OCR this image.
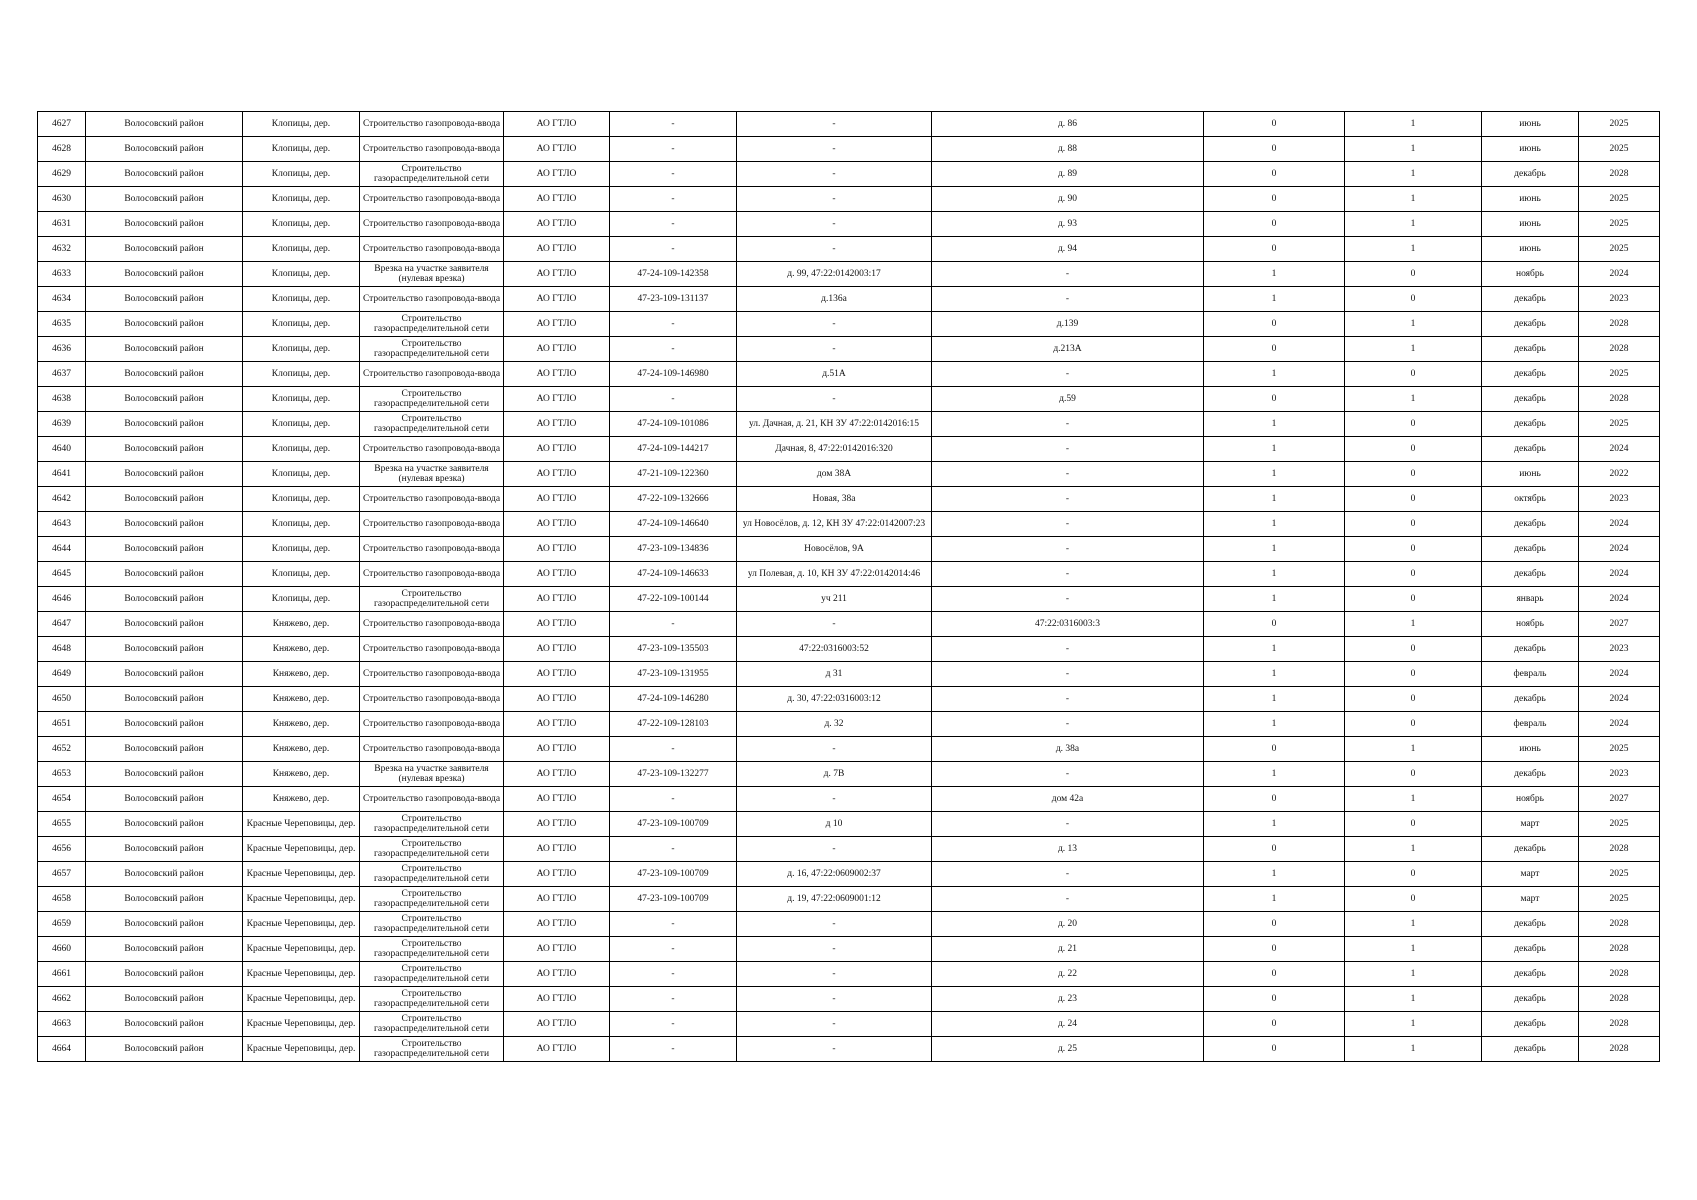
4627	Волосовский район	Клопицы, дер.	Строительство газопровода-ввода	АО ГТЛО	-	-	д. 86	0	1	июнь	2025
4628	Волосовский район	Клопицы, дер.	Строительство газопровода-ввода	АО ГТЛО	-	-	д. 88	0	1	июнь	2025
4629	Волосовский район	Клопицы, дер.	Строительство газораспределительной сети	АО ГТЛО	-	-	д. 89	0	1	декабрь	2028
4630	Волосовский район	Клопицы, дер.	Строительство газопровода-ввода	АО ГТЛО	-	-	д. 90	0	1	июнь	2025
4631	Волосовский район	Клопицы, дер.	Строительство газопровода-ввода	АО ГТЛО	-	-	д. 93	0	1	июнь	2025
4632	Волосовский район	Клопицы, дер.	Строительство газопровода-ввода	АО ГТЛО	-	-	д. 94	0	1	июнь	2025
4633	Волосовский район	Клопицы, дер.	Врезка на участке заявителя (нулевая врезка)	АО ГТЛО	47-24-109-142358	д. 99, 47:22:0142003:17	-	1	0	ноябрь	2024
4634	Волосовский район	Клопицы, дер.	Строительство газопровода-ввода	АО ГТЛО	47-23-109-131137	д.136а	-	1	0	декабрь	2023
4635	Волосовский район	Клопицы, дер.	Строительство газораспределительной сети	АО ГТЛО	-	-	д.139	0	1	декабрь	2028
4636	Волосовский район	Клопицы, дер.	Строительство газораспределительной сети	АО ГТЛО	-	-	д.213А	0	1	декабрь	2028
4637	Волосовский район	Клопицы, дер.	Строительство газопровода-ввода	АО ГТЛО	47-24-109-146980	д.51А	-	1	0	декабрь	2025
4638	Волосовский район	Клопицы, дер.	Строительство газораспределительной сети	АО ГТЛО	-	-	д.59	0	1	декабрь	2028
4639	Волосовский район	Клопицы, дер.	Строительство газораспределительной сети	АО ГТЛО	47-24-109-101086	ул. Дачная, д. 21, КН ЗУ 47:22:0142016:15	-	1	0	декабрь	2025
4640	Волосовский район	Клопицы, дер.	Строительство газопровода-ввода	АО ГТЛО	47-24-109-144217	Дачная, 8, 47:22:0142016:320	-	1	0	декабрь	2024
4641	Волосовский район	Клопицы, дер.	Врезка на участке заявителя (нулевая врезка)	АО ГТЛО	47-21-109-122360	дом 38А	-	1	0	июнь	2022
4642	Волосовский район	Клопицы, дер.	Строительство газопровода-ввода	АО ГТЛО	47-22-109-132666	Новая, 38а	-	1	0	октябрь	2023
4643	Волосовский район	Клопицы, дер.	Строительство газопровода-ввода	АО ГТЛО	47-24-109-146640	ул Новосёлов, д. 12, КН ЗУ 47:22:0142007:23	-	1	0	декабрь	2024
4644	Волосовский район	Клопицы, дер.	Строительство газопровода-ввода	АО ГТЛО	47-23-109-134836	Новосёлов, 9А	-	1	0	декабрь	2024
4645	Волосовский район	Клопицы, дер.	Строительство газопровода-ввода	АО ГТЛО	47-24-109-146633	ул Полевая, д. 10, КН ЗУ 47:22:0142014:46	-	1	0	декабрь	2024
4646	Волосовский район	Клопицы, дер.	Строительство газораспределительной сети	АО ГТЛО	47-22-109-100144	уч 211	-	1	0	январь	2024
4647	Волосовский район	Княжево, дер.	Строительство газопровода-ввода	АО ГТЛО	-	-	47:22:0316003:3	0	1	ноябрь	2027
4648	Волосовский район	Княжево, дер.	Строительство газопровода-ввода	АО ГТЛО	47-23-109-135503	47:22:0316003:52	-	1	0	декабрь	2023
4649	Волосовский район	Княжево, дер.	Строительство газопровода-ввода	АО ГТЛО	47-23-109-131955	д 31	-	1	0	февраль	2024
4650	Волосовский район	Княжево, дер.	Строительство газопровода-ввода	АО ГТЛО	47-24-109-146280	д. 30, 47:22:0316003:12	-	1	0	декабрь	2024
4651	Волосовский район	Княжево, дер.	Строительство газопровода-ввода	АО ГТЛО	47-22-109-128103	д. 32	-	1	0	февраль	2024
4652	Волосовский район	Княжево, дер.	Строительство газопровода-ввода	АО ГТЛО	-	-	д. 38а	0	1	июнь	2025
4653	Волосовский район	Княжево, дер.	Врезка на участке заявителя (нулевая врезка)	АО ГТЛО	47-23-109-132277	д. 7В	-	1	0	декабрь	2023
4654	Волосовский район	Княжево, дер.	Строительство газопровода-ввода	АО ГТЛО	-	-	дом 42а	0	1	ноябрь	2027
4655	Волосовский район	Красные Череповицы, дер.	Строительство газораспределительной сети	АО ГТЛО	47-23-109-100709	д 10	-	1	0	март	2025
4656	Волосовский район	Красные Череповицы, дер.	Строительство газораспределительной сети	АО ГТЛО	-	-	д. 13	0	1	декабрь	2028
4657	Волосовский район	Красные Череповицы, дер.	Строительство газораспределительной сети	АО ГТЛО	47-23-109-100709	д. 16, 47:22:0609002:37	-	1	0	март	2025
4658	Волосовский район	Красные Череповицы, дер.	Строительство газораспределительной сети	АО ГТЛО	47-23-109-100709	д. 19, 47:22:0609001:12	-	1	0	март	2025
4659	Волосовский район	Красные Череповицы, дер.	Строительство газораспределительной сети	АО ГТЛО	-	-	д. 20	0	1	декабрь	2028
4660	Волосовский район	Красные Череповицы, дер.	Строительство газораспределительной сети	АО ГТЛО	-	-	д. 21	0	1	декабрь	2028
4661	Волосовский район	Красные Череповицы, дер.	Строительство газораспределительной сети	АО ГТЛО	-	-	д. 22	0	1	декабрь	2028
4662	Волосовский район	Красные Череповицы, дер.	Строительство газораспределительной сети	АО ГТЛО	-	-	д. 23	0	1	декабрь	2028
4663	Волосовский район	Красные Череповицы, дер.	Строительство газораспределительной сети	АО ГТЛО	-	-	д. 24	0	1	декабрь	2028
4664	Волосовский район	Красные Череповицы, дер.	Строительство газораспределительной сети	АО ГТЛО	-	-	д. 25	0	1	декабрь	2028
